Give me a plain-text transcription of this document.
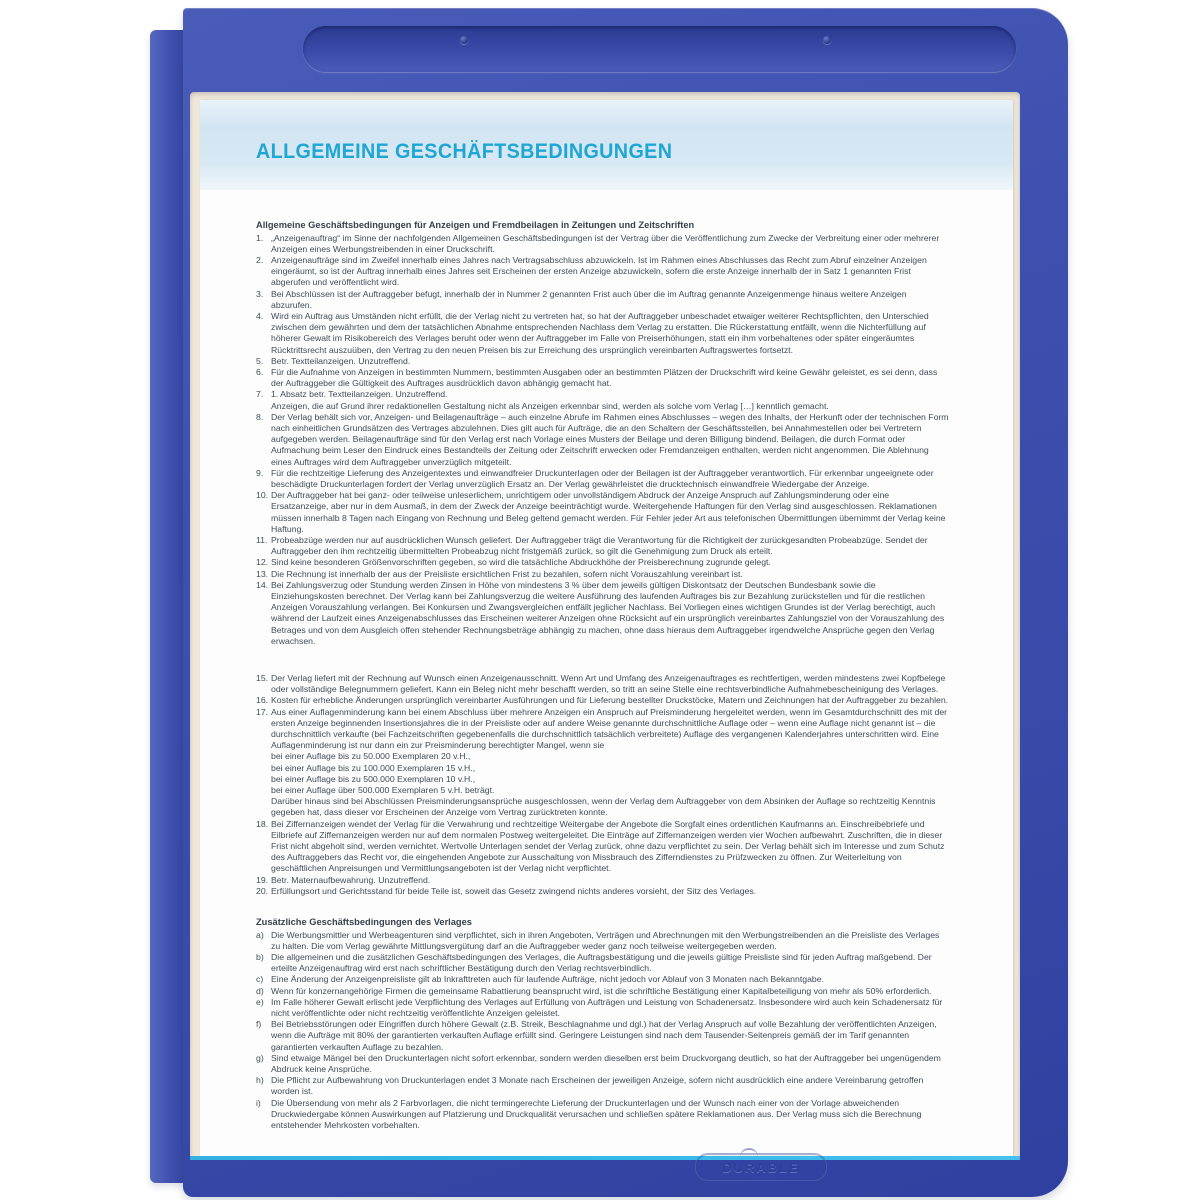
ALLGEMEINE GESCHÄFTSBEDINGUNGEN
Allgemeine Geschäftsbedingungen für Anzeigen und Fremdbeilagen in Zeitungen und Zeitschriften
1. „Anzeigenauftrag“ im Sinne der nachfolgenden Allgemeinen Geschäftsbedingungen ist der Vertrag über die Veröffentlichung zum Zwecke der Verbreitung einer oder mehrerer Anzeigen eines Werbungstreibenden in einer Druckschrift.
2. Anzeigenaufträge sind im Zweifel innerhalb eines Jahres nach Vertragsabschluss abzuwickeln. Ist im Rahmen eines Abschlusses das Recht zum Abruf einzelner Anzeigen eingeräumt, so ist der Auftrag innerhalb eines Jahres seit Erscheinen der ersten Anzeige abzuwickeln, sofern die erste Anzeige innerhalb der in Satz 1 genannten Frist abgerufen und veröffentlicht wird.
3. Bei Abschlüssen ist der Auftraggeber befugt, innerhalb der in Nummer 2 genannten Frist auch über die im Auftrag genannte Anzeigenmenge hinaus weitere Anzeigen abzurufen.
4. Wird ein Auftrag aus Umständen nicht erfüllt, die der Verlag nicht zu vertreten hat, so hat der Auftraggeber unbeschadet etwaiger weiterer Rechtspflichten, den Unterschied zwischen dem gewährten und dem der tatsächlichen Abnahme entsprechenden Nachlass dem Verlag zu erstatten. Die Rückerstattung entfällt, wenn die Nichterfüllung auf höherer Gewalt im Risikobereich des Verlages beruht oder wenn der Auftraggeber im Falle von Preiserhöhungen, statt ein ihm vorbehaltenes oder später eingeräumtes Rücktrittsrecht auszuüben, den Vertrag zu den neuen Preisen bis zur Erreichung des ursprünglich vereinbarten Auftragswertes fortsetzt.
5. Betr. Textteilanzeigen. Unzutreffend.
6. Für die Aufnahme von Anzeigen in bestimmten Nummern, bestimmten Ausgaben oder an bestimmten Plätzen der Druckschrift wird keine Gewähr geleistet, es sei denn, dass der Auftraggeber die Gültigkeit des Auftrages ausdrücklich davon abhängig gemacht hat.
7. 1. Absatz betr. Textteilanzeigen. Unzutreffend.
Anzeigen, die auf Grund ihrer redaktionellen Gestaltung nicht als Anzeigen erkennbar sind, werden als solche vom Verlag […] kenntlich gemacht.
8. Der Verlag behält sich vor, Anzeigen- und Beilagenaufträge – auch einzelne Abrufe im Rahmen eines Abschlusses – wegen des Inhalts, der Herkunft oder der technischen Form nach einheitlichen Grundsätzen des Vertrages abzulehnen. Dies gilt auch für Aufträge, die an den Schaltern der Geschäftsstellen, bei Annahmestellen oder bei Vertretern aufgegeben werden. Beilagenaufträge sind für den Verlag erst nach Vorlage eines Musters der Beilage und deren Billigung bindend. Beilagen, die durch Format oder Aufmachung beim Leser den Eindruck eines Bestandteils der Zeitung oder Zeitschrift erwecken oder Fremdanzeigen enthalten, werden nicht angenommen. Die Ablehnung eines Auftrages wird dem Auftraggeber unverzüglich mitgeteilt.
9. Für die rechtzeitige Lieferung des Anzeigentextes und einwandfreier Druckunterlagen oder der Beilagen ist der Auftraggeber verantwortlich. Für erkennbar ungeeignete oder beschädigte Druckunterlagen fordert der Verlag unverzüglich Ersatz an. Der Verlag gewährleistet die drucktechnisch einwandfreie Wiedergabe der Anzeige.
10. Der Auftraggeber hat bei ganz- oder teilweise unleserlichem, unrichtigem oder unvollständigem Abdruck der Anzeige Anspruch auf Zahlungsminderung oder eine Ersatzanzeige, aber nur in dem Ausmaß, in dem der Zweck der Anzeige beeinträchtigt wurde. Weitergehende Haftungen für den Verlag sind ausgeschlossen. Reklamationen müssen innerhalb 8 Tagen nach Eingang von Rechnung und Beleg geltend gemacht werden. Für Fehler jeder Art aus telefonischen Übermittlungen übernimmt der Verlag keine Haftung.
11. Probeabzüge werden nur auf ausdrücklichen Wunsch geliefert. Der Auftraggeber trägt die Verantwortung für die Richtigkeit der zurückgesandten Probeabzüge. Sendet der Auftraggeber den ihm rechtzeitig übermittelten Probeabzug nicht fristgemäß zurück, so gilt die Genehmigung zum Druck als erteilt.
12. Sind keine besonderen Größenvorschriften gegeben, so wird die tatsächliche Abdruckhöhe der Preisberechnung zugrunde gelegt.
13. Die Rechnung ist innerhalb der aus der Preisliste ersichtlichen Frist zu bezahlen, sofern nicht Vorauszahlung vereinbart ist.
14. Bei Zahlungsverzug oder Stundung werden Zinsen in Höhe von mindestens 3 % über dem jeweils gültigen Diskontsatz der Deutschen Bundesbank sowie die Einziehungskosten berechnet. Der Verlag kann bei Zahlungsverzug die weitere Ausführung des laufenden Auftrages bis zur Bezahlung zurückstellen und für die restlichen Anzeigen Vorauszahlung verlangen. Bei Konkursen und Zwangsvergleichen entfällt jeglicher Nachlass. Bei Vorliegen eines wichtigen Grundes ist der Verlag berechtigt, auch während der Laufzeit eines Anzeigenabschlusses das Erscheinen weiterer Anzeigen ohne Rücksicht auf ein ursprünglich vereinbartes Zahlungsziel von der Vorauszahlung des Betrages und von dem Ausgleich offen stehender Rechnungsbeträge abhängig zu machen, ohne dass hieraus dem Auftraggeber irgendwelche Ansprüche gegen den Verlag erwachsen.
15. Der Verlag liefert mit der Rechnung auf Wunsch einen Anzeigenausschnitt. Wenn Art und Umfang des Anzeigenauftrages es rechtfertigen, werden mindestens zwei Kopfbelege oder vollständige Belegnummern geliefert. Kann ein Beleg nicht mehr beschafft werden, so tritt an seine Stelle eine rechtsverbindliche Aufnahmebescheinigung des Verlages.
16. Kosten für erhebliche Änderungen ursprünglich vereinbarter Ausführungen und für Lieferung bestellter Druckstöcke, Matern und Zeichnungen hat der Auftraggeber zu bezahlen.
17. Aus einer Auflagenminderung kann bei einem Abschluss über mehrere Anzeigen ein Anspruch auf Preisminderung hergeleitet werden, wenn im Gesamtdurchschnitt des mit der ersten Anzeige beginnenden Insertionsjahres die in der Preisliste oder auf andere Weise genannte durchschnittliche Auflage oder – wenn eine Auflage nicht genannt ist – die durchschnittlich verkaufte (bei Fachzeitschriften gegebenenfalls die durchschnittlich tatsächlich verbreitete) Auflage des vergangenen Kalenderjahres unterschritten wird. Eine Auflagenminderung ist nur dann ein zur Preisminderung berechtigter Mangel, wenn sie
bei einer Auflage bis zu 50.000 Exemplaren 20 v.H.,
bei einer Auflage bis zu 100.000 Exemplaren 15 v.H.,
bei einer Auflage bis zu 500.000 Exemplaren 10 v.H.,
bei einer Auflage über 500.000 Exemplaren 5 v.H. beträgt.
Darüber hinaus sind bei Abschlüssen Preisminderungsansprüche ausgeschlossen, wenn der Verlag dem Auftraggeber von dem Absinken der Auflage so rechtzeitig Kenntnis gegeben hat, dass dieser vor Erscheinen der Anzeige vom Vertrag zurücktreten konnte.
18. Bei Ziffernanzeigen wendet der Verlag für die Verwahrung und rechtzeitige Weitergabe der Angebote die Sorgfalt eines ordentlichen Kaufmanns an. Einschreibebriefe und Eilbriefe auf Ziffernanzeigen werden nur auf dem normalen Postweg weitergeleitet. Die Einträge auf Ziffernanzeigen werden vier Wochen aufbewahrt. Zuschriften, die in dieser Frist nicht abgeholt sind, werden vernichtet. Wertvolle Unterlagen sendet der Verlag zurück, ohne dazu verpflichtet zu sein. Der Verlag behält sich im Interesse und zum Schutz des Auftraggebers das Recht vor, die eingehenden Angebote zur Ausschaltung von Missbrauch des Zifferndienstes zu Prüfzwecken zu öffnen. Zur Weiterleitung von geschäftlichen Anpreisungen und Vermittlungsangeboten ist der Verlag nicht verpflichtet.
19. Betr. Maternaufbewahrung. Unzutreffend.
20. Erfüllungsort und Gerichtsstand für beide Teile ist, soweit das Gesetz zwingend nichts anderes vorsieht, der Sitz des Verlages.
Zusätzliche Geschäftsbedingungen des Verlages
a) Die Werbungsmittler und Werbeagenturen sind verpflichtet, sich in ihren Angeboten, Verträgen und Abrechnungen mit den Werbungstreibenden an die Preisliste des Verlages zu halten. Die vom Verlag gewährte Mittlungsvergütung darf an die Auftraggeber weder ganz noch teilweise weitergegeben werden.
b) Die allgemeinen und die zusätzlichen Geschäftsbedingungen des Verlages, die Auftragsbestätigung und die jeweils gültige Preisliste sind für jeden Auftrag maßgebend. Der erteilte Anzeigenauftrag wird erst nach schriftlicher Bestätigung durch den Verlag rechtsverbindlich.
c) Eine Änderung der Anzeigenpreisliste gilt ab Inkrafttreten auch für laufende Aufträge, nicht jedoch vor Ablauf von 3 Monaten nach Bekanntgabe.
d) Wenn für konzernangehörige Firmen die gemeinsame Rabattierung beansprucht wird, ist die schriftliche Bestätigung einer Kapitalbeteiligung von mehr als 50% erforderlich.
e) Im Falle höherer Gewalt erlischt jede Verpflichtung des Verlages auf Erfüllung von Aufträgen und Leistung von Schadenersatz. Insbesondere wird auch kein Schadenersatz für nicht veröffentlichte oder nicht rechtzeitig veröffentlichte Anzeigen geleistet.
f)	Bei Betriebsstörungen oder Eingriffen durch höhere Gewalt (z.B. Streik, Beschlagnahme und dgl.) hat der Verlag Anspruch auf volle Bezahlung der veröffentlichten Anzeigen, wenn die Aufträge mit 80% der garantierten verkauften Auflage erfüllt sind. Geringere Leistungen sind nach dem Tausender-Seitenpreis gemäß der im Tarif genannten garantierten verkauften Auflage zu bezahlen.
g) Sind etwaige Mängel bei den Druckunterlagen nicht sofort erkennbar, sondern werden dieselben erst beim Druckvorgang deutlich, so hat der Auftraggeber bei ungenügendem Abdruck keine Ansprüche.
h) Die Pflicht zur Aufbewahrung von Druckunterlagen endet 3 Monate nach Erscheinen der jeweiligen Anzeige, sofern nicht ausdrücklich eine andere Vereinbarung getroffen worden ist.
i)	Die Übersendung von mehr als 2 Farbvorlagen, die nicht termingerechte Lieferung der Druckunterlagen und der Wunsch nach einer von der Vorlage abweichenden Druckwiedergabe können Auswirkungen auf Platzierung und Druckqualität verursachen und schließen spätere Reklamationen aus. Der Verlag muss sich die Berechnung entstehender Mehrkosten vorbehalten.
DURABLE
